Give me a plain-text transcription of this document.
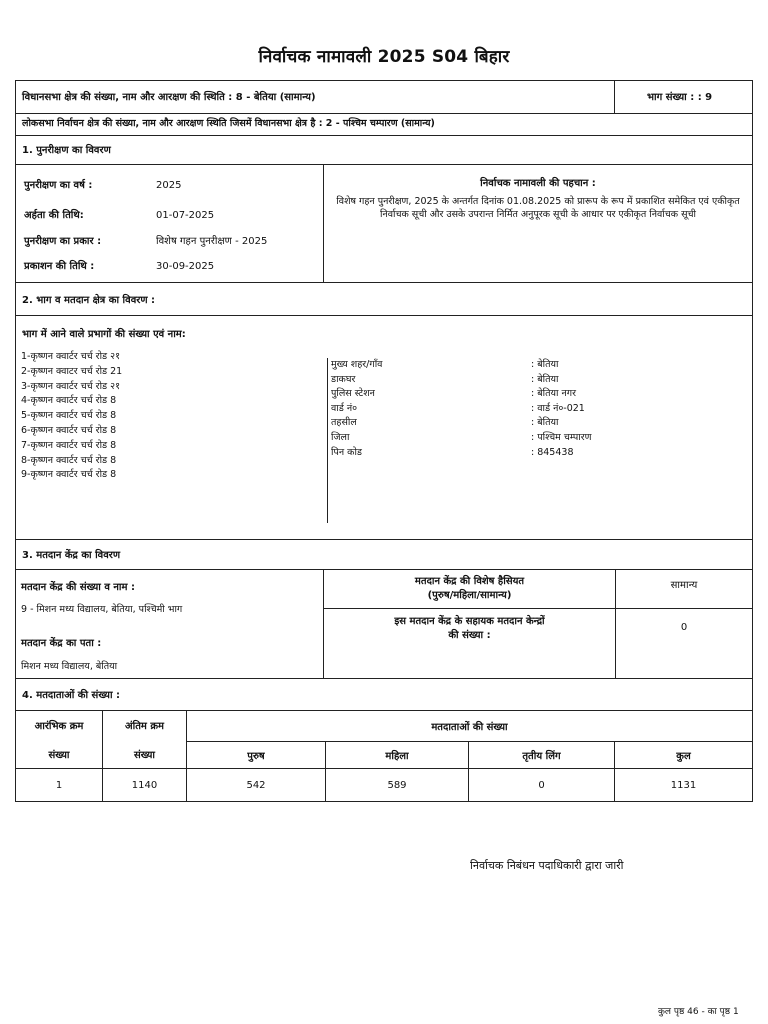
निर्वाचक नामावली 2025 S04 बिहार
विधानसभा क्षेत्र की संख्या, नाम और आरक्षण की स्थिति : 8 - बेतिया (सामान्य)	भाग संख्या : : 9
लोकसभा निर्वाचन क्षेत्र की संख्या, नाम और आरक्षण स्थिति जिसमें विधानसभा क्षेत्र है : 2 - पश्चिम चम्पारण (सामान्य)
1. पुनरीक्षण का विवरण
पुनरीक्षण का वर्ष :	2025
अर्हता की तिथि:	01-07-2025
पुनरीक्षण का प्रकार :	विशेष गहन पुनरीक्षण - 2025
प्रकाशन की तिथि :	30-09-2025
निर्वाचक नामावली की पहचान :
विशेष गहन पुनरीक्षण, 2025 के अन्तर्गत दिनांक 01.08.2025 को प्रारूप के रूप में प्रकाशित समेकित एवं एकीकृत निर्वाचक सूची और उसके उपरान्त निर्मित अनुपूरक सूची के आधार पर एकीकृत निर्वाचक सूची
2. भाग व मतदान क्षेत्र का विवरण :
भाग में आने वाले प्रभागों की संख्या एवं नाम:
1-कृष्णन क्वार्टर चर्च रोड २१
2-कृष्णन क्वाटर चर्च रोड 21
3-कृष्णन क्वार्टर चर्च रोड २१
4-कृष्णन क्वार्टर चर्च रोड 8
5-कृष्णन क्वार्टर चर्च रोड 8
6-कृष्णन क्वार्टर चर्च रोड 8
7-कृष्णन क्वार्टर चर्च रोड 8
8-कृष्णन क्वार्टर चर्च रोड 8
9-कृष्णन क्वार्टर चर्च रोड 8
मुख्य शहर/गाँव	: बेतिया
डाकघर	: बेतिया
पुलिस स्टेशन	: बेतिया नगर
वार्ड नं०	: वार्ड नं०-021
तहसील	: बेतिया
जिला	: पश्चिम चम्पारण
पिन कोड	: 845438
3. मतदान केंद्र का विवरण
मतदान केंद्र की संख्या व नाम :
9 - मिशन मध्य विद्यालय, बेतिया, पश्चिमी भाग
मतदान केंद्र का पता :
मिशन मध्य विद्यालय, बेतिया
मतदान केंद्र की विशेष हैसियत
(पुरुष/महिला/सामान्य)
सामान्य
इस मतदान केंद्र के सहायक मतदान केन्द्रों
की संख्या :
0
4. मतदाताओं की संख्या :
आरंभिक क्रम
संख्या
अंतिम क्रम
संख्या
मतदाताओं की संख्या
पुरुष	महिला	तृतीय लिंग	कुल
1	1140	542	589	0	1131
निर्वाचक निबंधन पदाधिकारी द्वारा जारी
कुल पृष्ठ 46 - का पृष्ठ 1
